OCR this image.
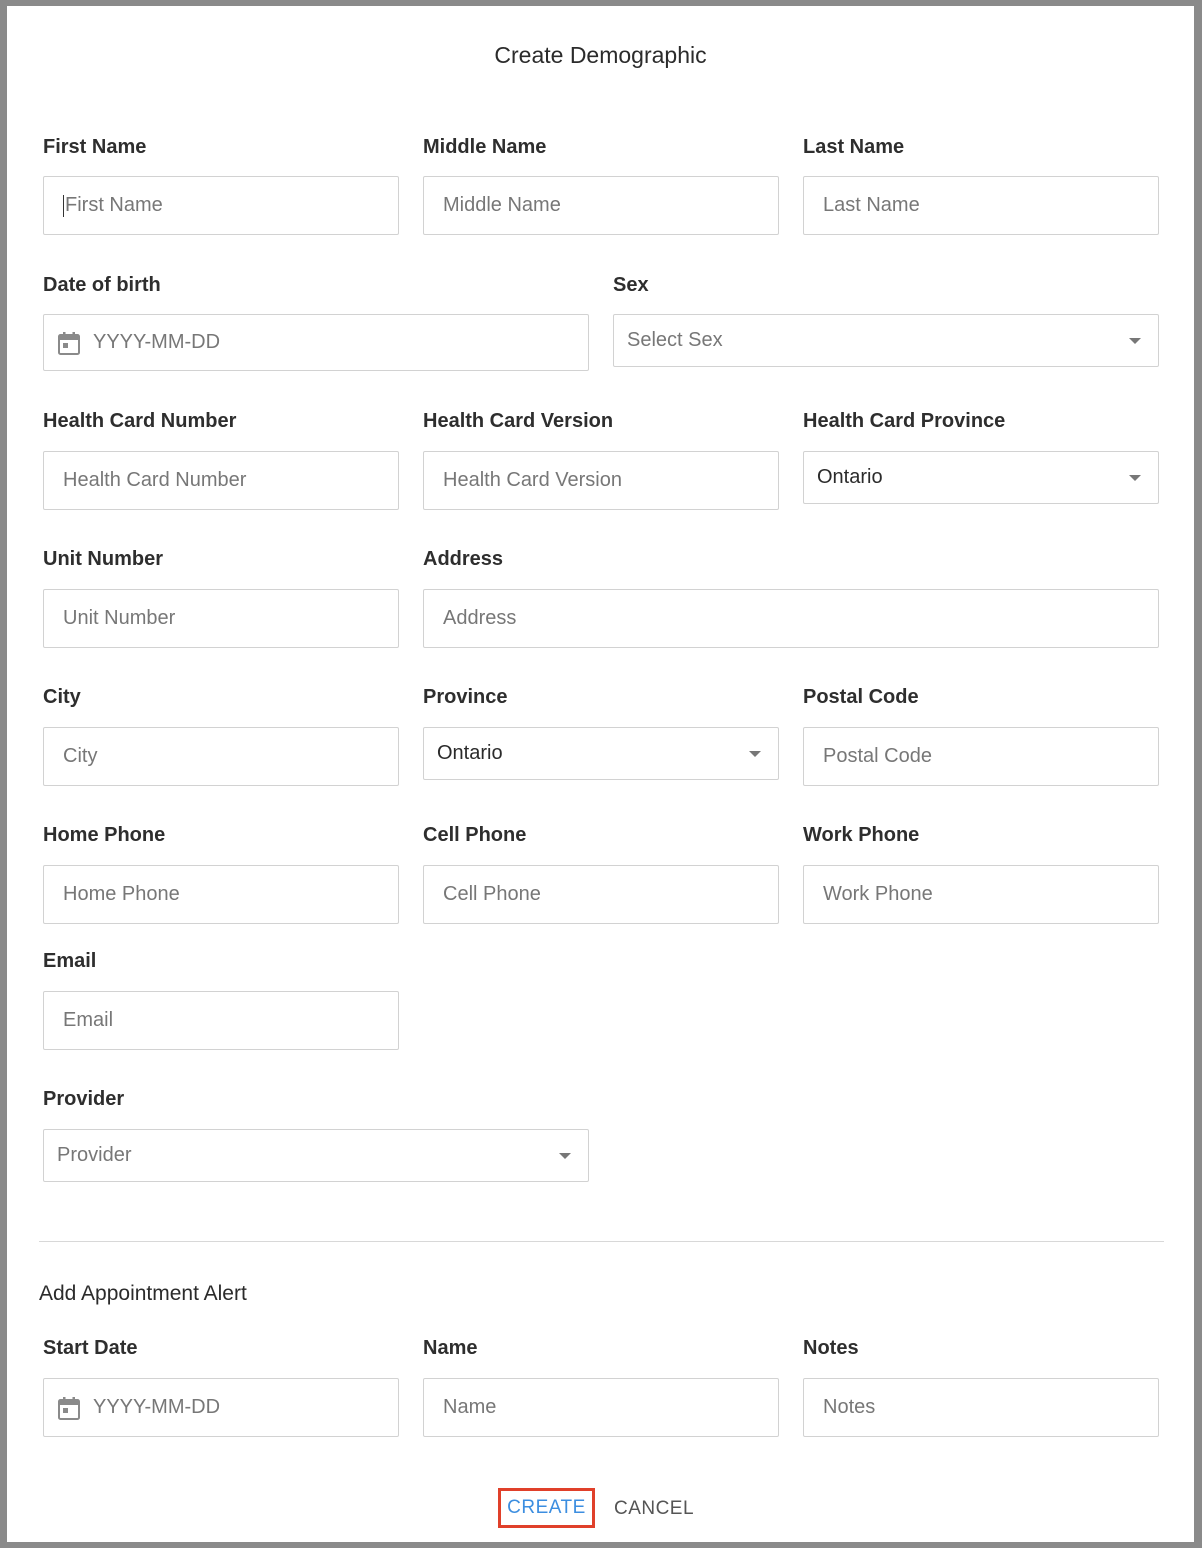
Create Demographic
First Name
First Name
Middle Name
Middle Name
Last Name
Last Name
Date of birth
YYYY-MM-DD
Sex
Select Sex
Health Card Number
Health Card Number
Health Card Version
Health Card Version
Health Card Province
Ontario
Unit Number
Unit Number
Address
Address
City
City
Province
Ontario
Postal Code
Postal Code
Home Phone
Home Phone
Cell Phone
Cell Phone
Work Phone
Work Phone
Email
Email
Provider
Provider
Add Appointment Alert
Start Date
YYYY-MM-DD
Name
Name
Notes
Notes
CREATE	CANCEL
